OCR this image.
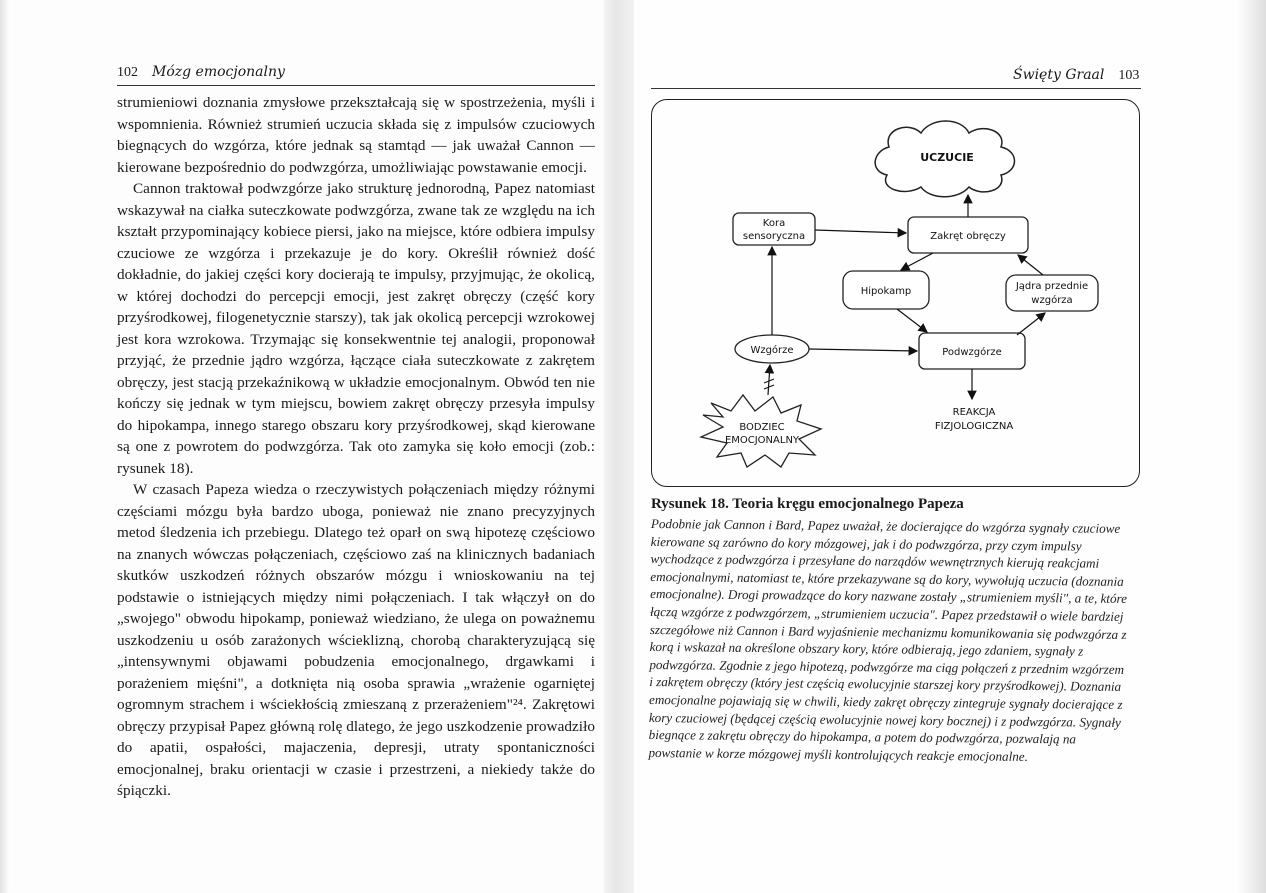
102 Mózg emocjonalny

strumieniowi doznania zmysłowe przekształcają się w spostrzeżenia, myśli i wspomnienia. Również strumień uczucia składa się z impulsów czuciowych biegnących do wzgórza, które jednak są stamtąd — jak uważał Cannon — kierowane bezpośrednio do podwzgórza, umożliwiając powstawanie emocji.

Cannon traktował podwzgórze jako strukturę jednorodną, Papez natomiast wskazywał na ciałka suteczkowate podwzgórza, zwane tak ze względu na ich kształt przypominający kobiece piersi, jako na miejsce, które odbiera impulsy czuciowe ze wzgórza i przekazuje je do kory. Określił również dość dokładnie, do jakiej części kory docierają te impulsy, przyjmując, że okolicą, w której dochodzi do percepcji emocji, jest zakręt obręczy (część kory przyśrodkowej, filogenetycznie starszy), tak jak okolicą percepcji wzrokowej jest kora wzrokowa. Trzymając się konsekwentnie tej analogii, proponował przyjąć, że przednie jądro wzgórza, łączące ciała suteczkowate z zakrętem obręczy, jest stacją przekaźnikową w układzie emocjonalnym. Obwód ten nie kończy się jednak w tym miejscu, bowiem zakręt obręczy przesyła impulsy do hipokampa, innego starego obszaru kory przyśrodkowej, skąd kierowane są one z powrotem do podwzgórza. Tak oto zamyka się koło emocji (zob.: rysunek 18).

W czasach Papeza wiedza o rzeczywistych połączeniach między różnymi częściami mózgu była bardzo uboga, ponieważ nie znano precyzyjnych metod śledzenia ich przebiegu. Dlatego też oparł on swą hipotezę częściowo na znanych wówczas połączeniach, częściowo zaś na klinicznych badaniach skutków uszkodzeń różnych obszarów mózgu i wnioskowaniu na tej podstawie o istniejących między nimi połączeniach. I tak włączył on do „swojego" obwodu hipokamp, ponieważ wiedziano, że ulega on poważnemu uszkodzeniu u osób zarażonych wścieklizną, chorobą charakteryzującą się „intensywnymi objawami pobudzenia emocjonalnego, drgawkami i porażeniem mięśni", a dotknięta nią osoba sprawia „wrażenie ogarniętej ogromnym strachem i wściekłością zmieszaną z przerażeniem"²⁴. Zakrętowi obręczy przypisał Papez główną rolę dlatego, że jego uszkodzenie prowadziło do apatii, ospałości, majaczenia, depresji, utraty spontaniczności emocjonalnej, braku orientacji w czasie i przestrzeni, a niekiedy także do śpiączki.

Święty Graal 103
UCZUCIE
Kora
sensoryczna	Zakręt obręczy
Hipokamp	Jądra przednie
wzgórza
Wzgórze	Podwzgórze
BODZIEC
EMOCJONALNY
REAKCJA
FIZJOLOGICZNA
Rysunek 18. Teoria kręgu emocjonalnego Papeza
Podobnie jak Cannon i Bard, Papez uważał, że docierające do wzgórza sygnały czuciowe kierowane są zarówno do kory mózgowej, jak i do podwzgórza, przy czym impulsy wychodzące z podwzgórza i przesyłane do narządów wewnętrznych kierują reakcjami emocjonalnymi, natomiast te, które przekazywane są do kory, wywołują uczucia (doznania emocjonalne). Drogi prowadzące do kory nazwane zostały „strumieniem myśli", a te, które łączą wzgórze z podwzgórzem, „strumieniem uczucia". Papez przedstawił o wiele bardziej szczegółowe niż Cannon i Bard wyjaśnienie mechanizmu komunikowania się podwzgórza z korą i wskazał na określone obszary kory, które odbierają, jego zdaniem, sygnały z podwzgórza. Zgodnie z jego hipotezą, podwzgórze ma ciąg połączeń z przednim wzgórzem i zakrętem obręczy (który jest częścią ewolucyjnie starszej kory przyśrodkowej). Doznania emocjonalne pojawiają się w chwili, kiedy zakręt obręczy zintegruje sygnały docierające z kory czuciowej (będącej częścią ewolucyjnie nowej kory bocznej) i z podwzgórza. Sygnały biegnące z zakrętu obręczy do hipokampa, a potem do podwzgórza, pozwalają na powstanie w korze mózgowej myśli kontrolujących reakcje emocjonalne.
